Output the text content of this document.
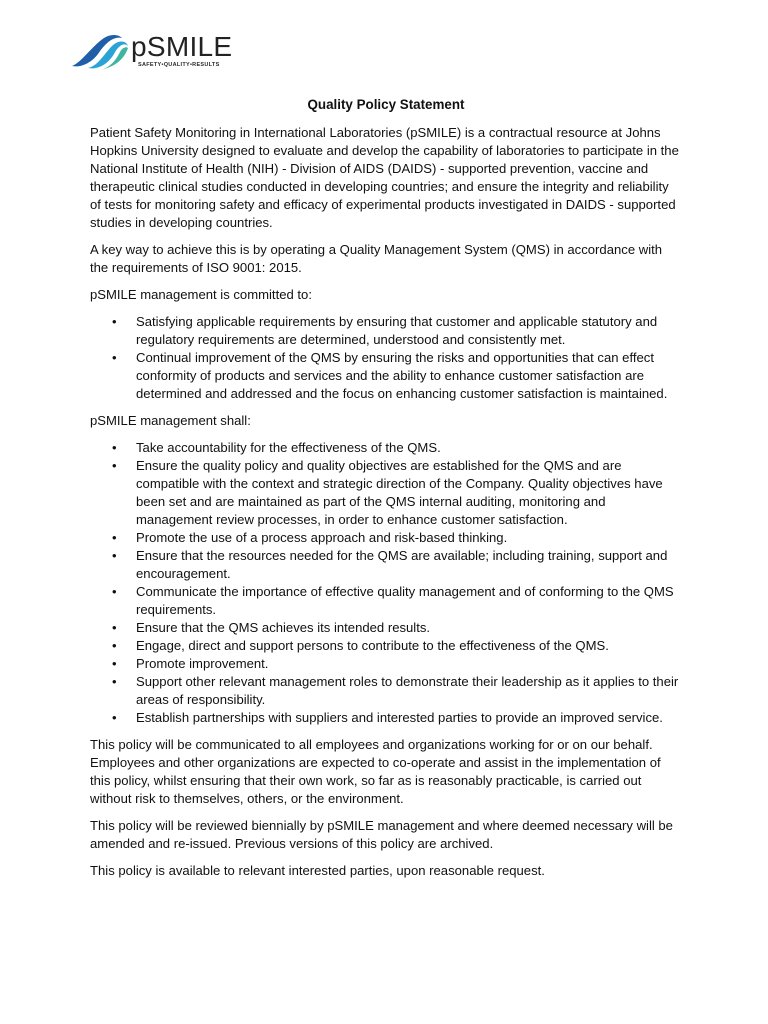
pSMILE
SAFETY•QUALITY•RESULTS
Quality Policy Statement

Patient Safety Monitoring in International Laboratories (pSMILE) is a contractual resource at Johns Hopkins University designed to evaluate and develop the capability of laboratories to participate in the National Institute of Health (NIH) - Division of AIDS (DAIDS) - supported prevention, vaccine and therapeutic clinical studies conducted in developing countries; and ensure the integrity and reliability of tests for monitoring safety and efficacy of experimental products investigated in DAIDS - supported studies in developing countries.

A key way to achieve this is by operating a Quality Management System (QMS) in accordance with the requirements of ISO 9001: 2015.

pSMILE management is committed to:

• Satisfying applicable requirements by ensuring that customer and applicable statutory and regulatory requirements are determined, understood and consistently met.
• Continual improvement of the QMS by ensuring the risks and opportunities that can effect conformity of products and services and the ability to enhance customer satisfaction are determined and addressed and the focus on enhancing customer satisfaction is maintained.

pSMILE management shall:

• Take accountability for the effectiveness of the QMS.
• Ensure the quality policy and quality objectives are established for the QMS and are compatible with the context and strategic direction of the Company. Quality objectives have been set and are maintained as part of the QMS internal auditing, monitoring and management review processes, in order to enhance customer satisfaction.
• Promote the use of a process approach and risk-based thinking.
• Ensure that the resources needed for the QMS are available; including training, support and encouragement.
• Communicate the importance of effective quality management and of conforming to the QMS requirements.
• Ensure that the QMS achieves its intended results.
• Engage, direct and support persons to contribute to the effectiveness of the QMS.
• Promote improvement.
• Support other relevant management roles to demonstrate their leadership as it applies to their areas of responsibility.
• Establish partnerships with suppliers and interested parties to provide an improved service.

This policy will be communicated to all employees and organizations working for or on our behalf. Employees and other organizations are expected to co-operate and assist in the implementation of this policy, whilst ensuring that their own work, so far as is reasonably practicable, is carried out without risk to themselves, others, or the environment.

This policy will be reviewed biennially by pSMILE management and where deemed necessary will be amended and re-issued. Previous versions of this policy are archived.

This policy is available to relevant interested parties, upon reasonable request.
